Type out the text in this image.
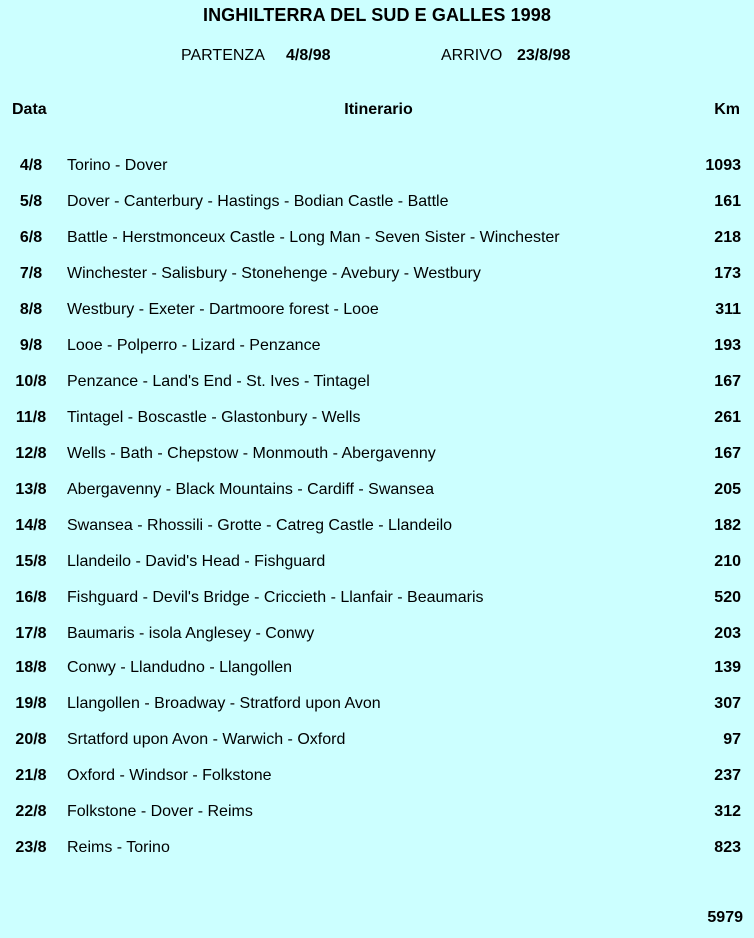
INGHILTERRA DEL SUD E GALLES 1998
PARTENZA 4/8/98	ARRIVO 23/8/98
Data	Itinerario	Km
4/8	Torino - Dover	1093
5/8	Dover - Canterbury - Hastings - Bodian Castle - Battle	161
6/8	Battle - Herstmonceux Castle - Long Man - Seven Sister - Winchester	218
7/8	Winchester - Salisbury - Stonehenge - Avebury - Westbury	173
8/8	Westbury - Exeter - Dartmoore forest - Looe	311
9/8	Looe - Polperro - Lizard - Penzance	193
10/8	Penzance - Land's End - St. Ives - Tintagel	167
11/8	Tintagel - Boscastle - Glastonbury - Wells	261
12/8	Wells - Bath - Chepstow - Monmouth - Abergavenny	167
13/8	Abergavenny - Black Mountains - Cardiff - Swansea	205
14/8	Swansea - Rhossili - Grotte - Catreg Castle - Llandeilo	182
15/8	Llandeilo - David's Head - Fishguard	210
16/8	Fishguard - Devil's Bridge - Criccieth - Llanfair - Beaumaris	520
17/8	Baumaris - isola Anglesey - Conwy	203
18/8	Conwy - Llandudno - Llangollen	139
19/8	Llangollen - Broadway - Stratford upon Avon	307
20/8	Srtatford upon Avon - Warwich - Oxford	97
21/8	Oxford - Windsor - Folkstone	237
22/8	Folkstone - Dover - Reims	312
23/8	Reims - Torino	823
5979
